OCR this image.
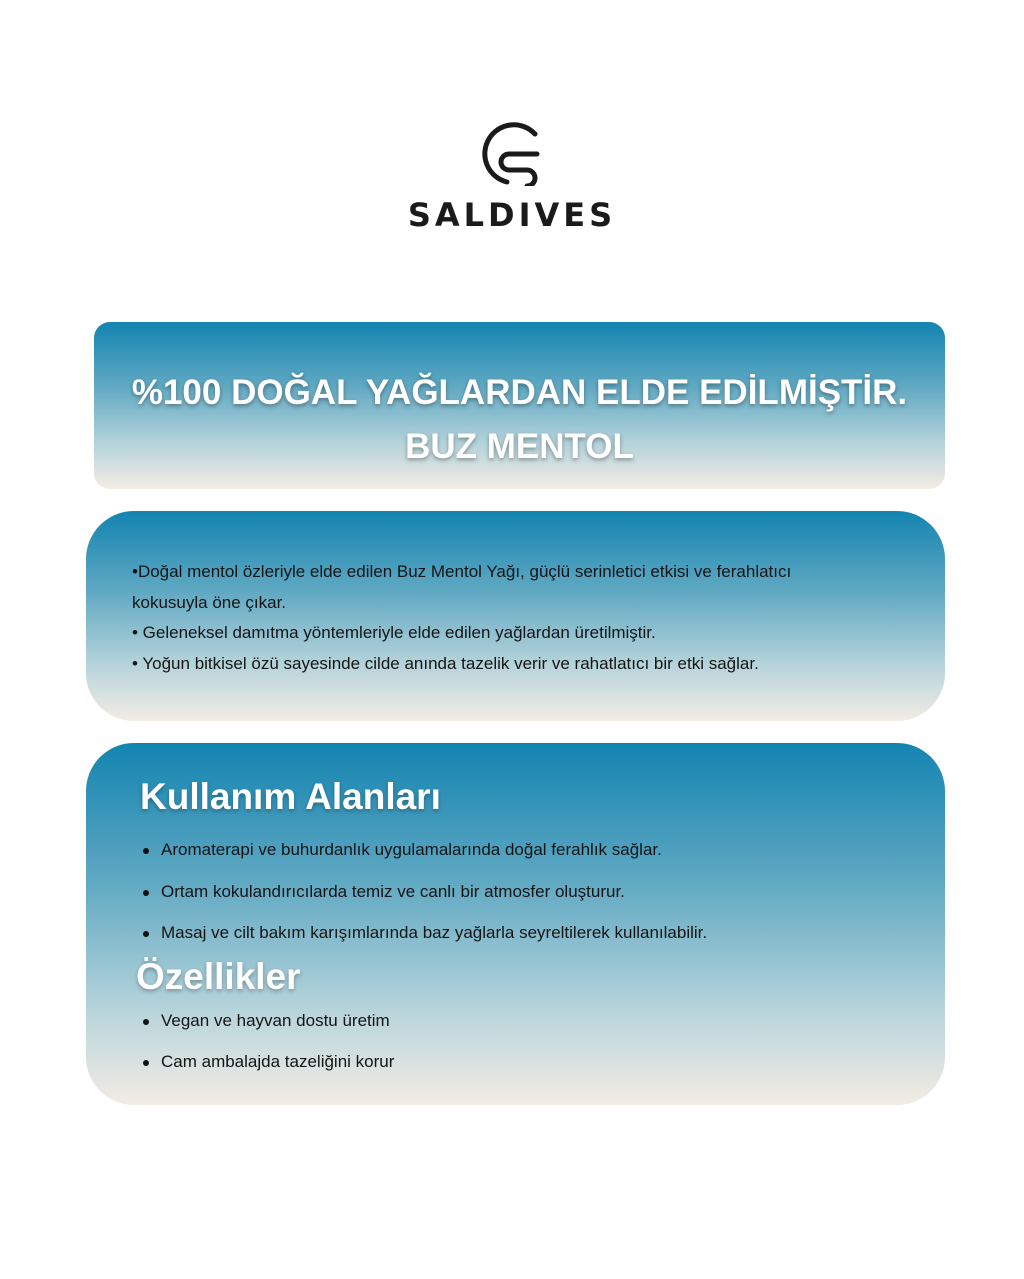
SALDIVES
%100 DOĞAL YAĞLARDAN ELDE EDİLMİŞTİR.
BUZ MENTOL

•Doğal mentol özleriyle elde edilen Buz Mentol Yağı, güçlü serinletici etkisi ve ferahlatıcı

kokusuyla öne çıkar.

• Geleneksel damıtma yöntemleriyle elde edilen yağlardan üretilmiştir.

• Yoğun bitkisel özü sayesinde cilde anında tazelik verir ve rahatlatıcı bir etki sağlar.

Kullanım Alanları
Aromaterapi ve buhurdanlık uygulamalarında doğal ferahlık sağlar.
Ortam kokulandırıcılarda temiz ve canlı bir atmosfer oluşturur.
Masaj ve cilt bakım karışımlarında baz yağlarla seyreltilerek kullanılabilir.
Özellikler
Vegan ve hayvan dostu üretim
Cam ambalajda tazeliğini korur
